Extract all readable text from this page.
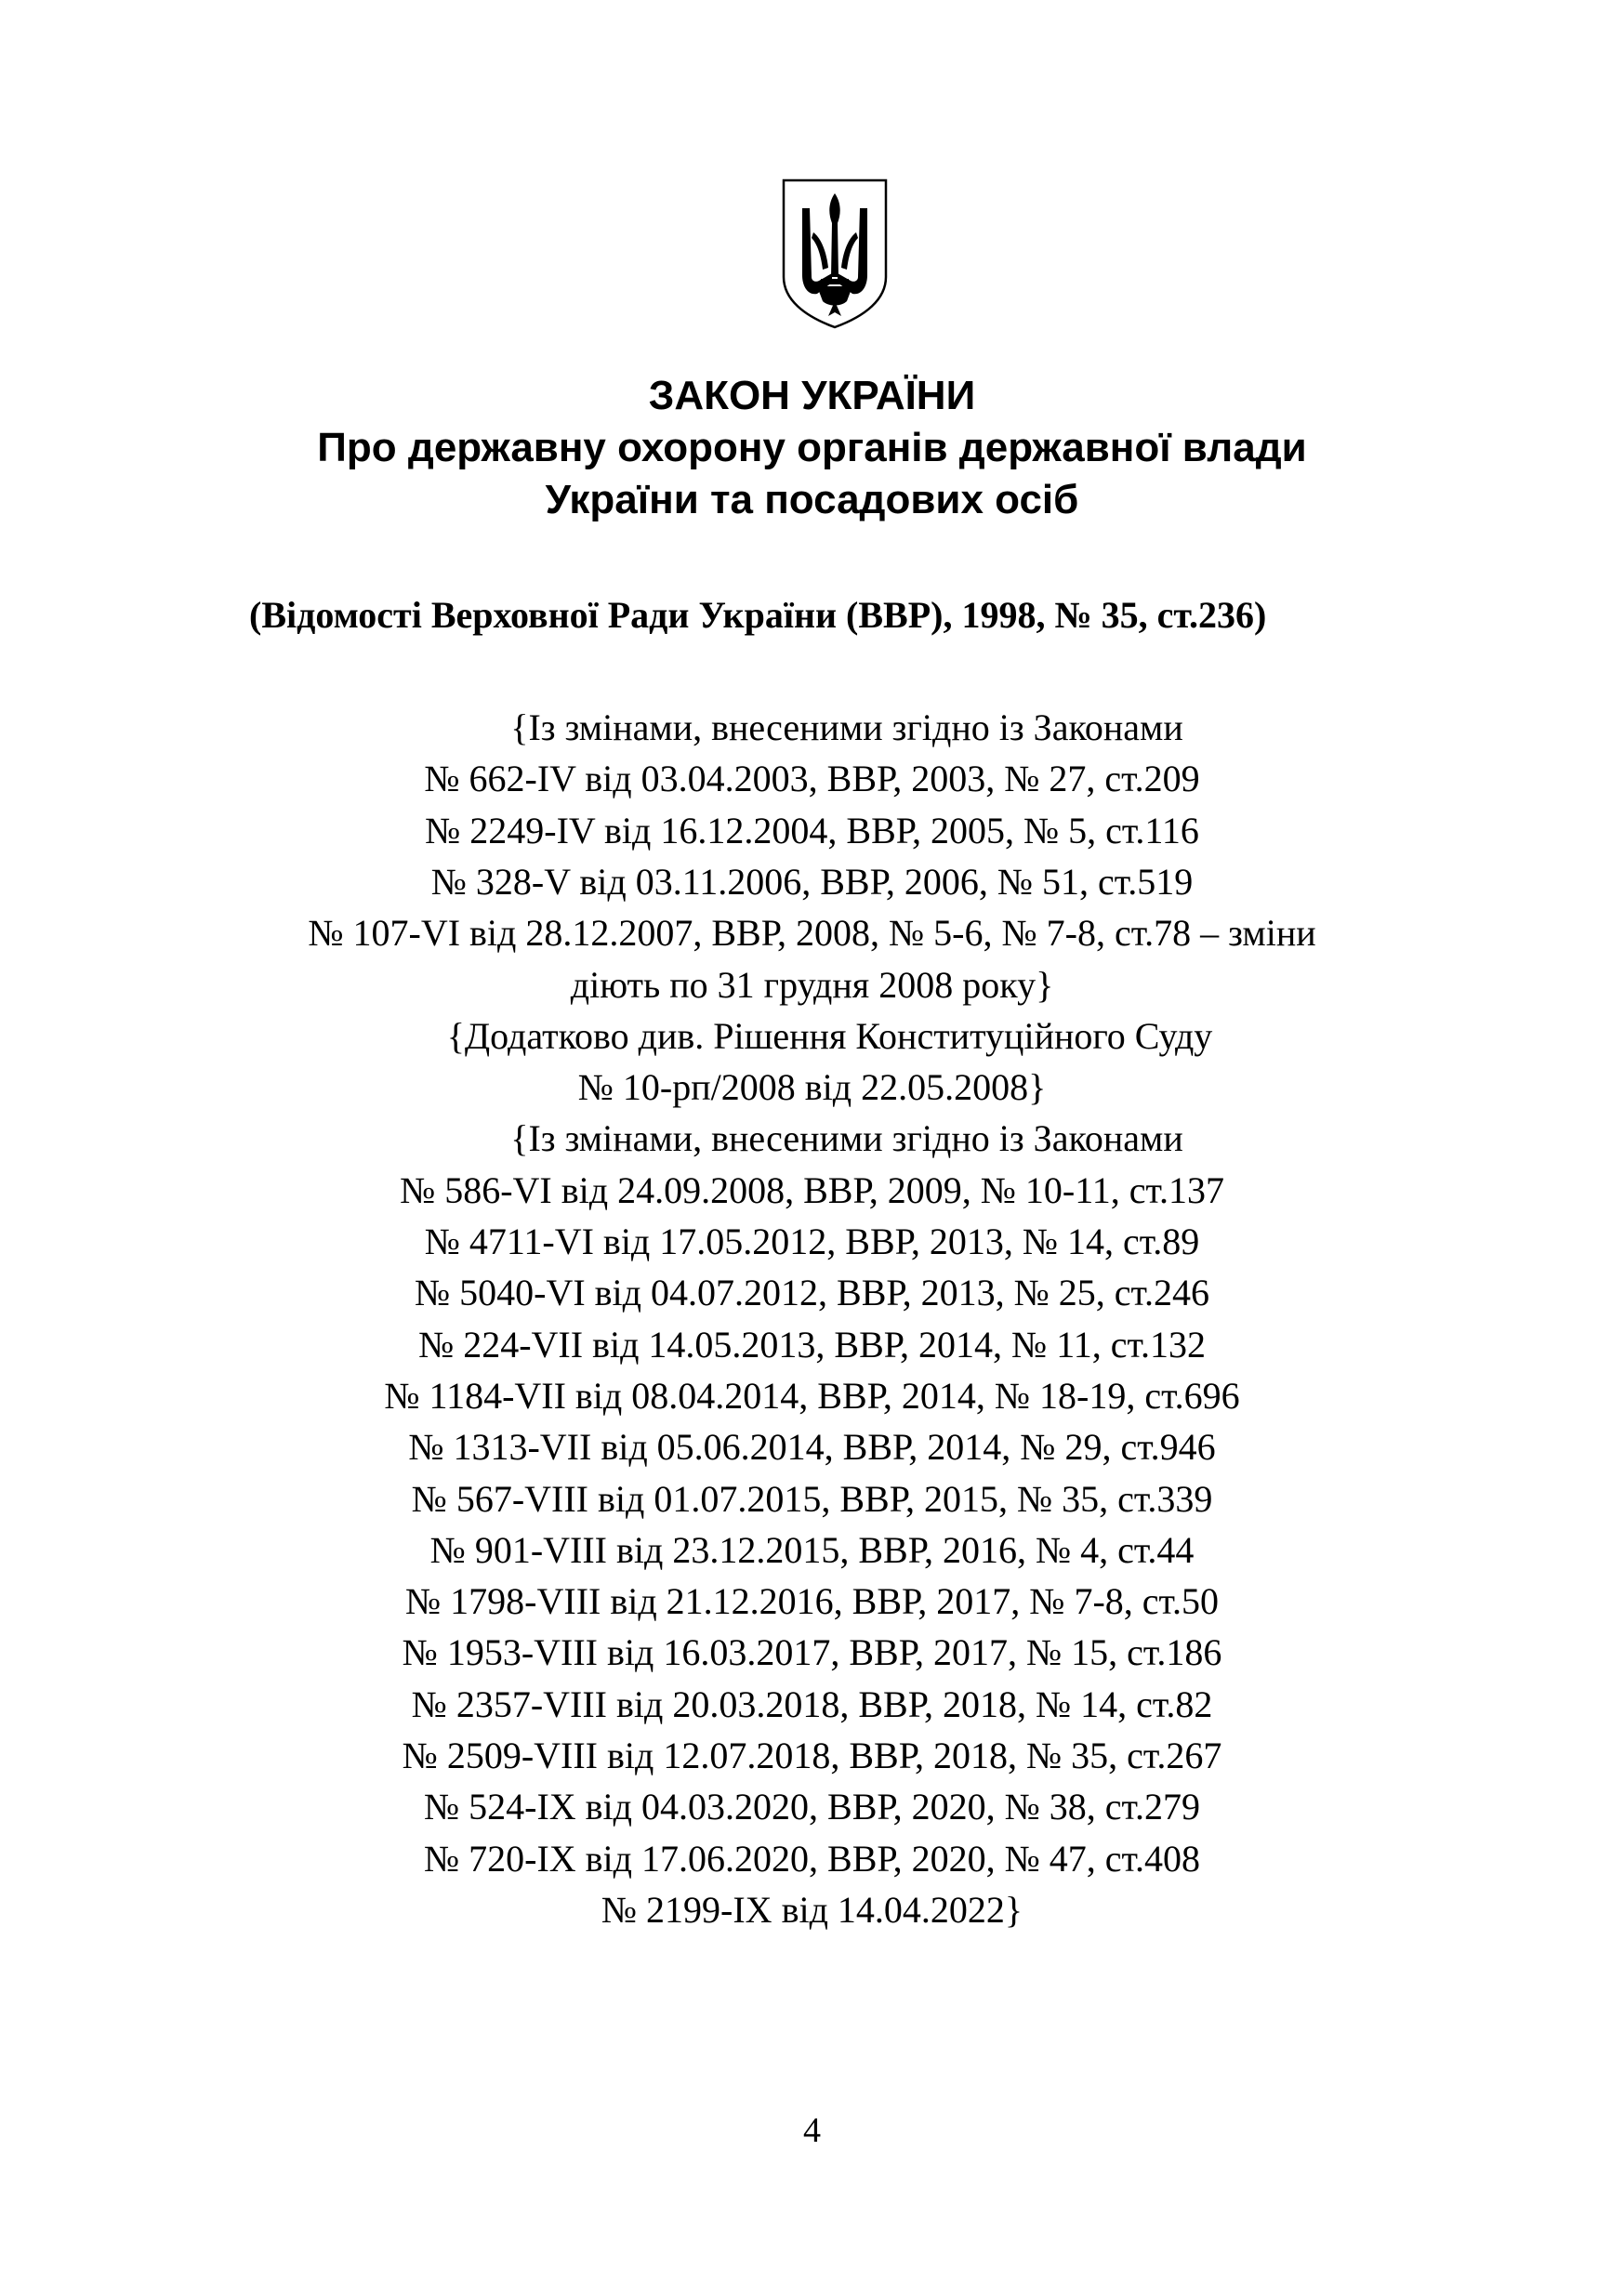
ЗАКОН УКРАЇНИ
Про державну охорону органів державної влади
України та посадових осіб
(Відомості Верховної Ради України (ВВР), 1998, № 35, ст.236)
{Із змінами, внесеними згідно із Законами
№ 662-IV від 03.04.2003, ВВР, 2003, № 27, ст.209
№ 2249-IV від 16.12.2004, ВВР, 2005, № 5, ст.116
№ 328-V від 03.11.2006, ВВР, 2006, № 51, ст.519
№ 107-VI від 28.12.2007, ВВР, 2008, № 5-6, № 7-8, ст.78 – зміни
діють по 31 грудня 2008 року}
{Додатково див. Рішення Конституційного Суду
№ 10-рп/2008 від 22.05.2008}
{Із змінами, внесеними згідно із Законами
№ 586-VI від 24.09.2008, ВВР, 2009, № 10-11, ст.137
№ 4711-VI від 17.05.2012, ВВР, 2013, № 14, ст.89
№ 5040-VI від 04.07.2012, ВВР, 2013, № 25, ст.246
№ 224-VII від 14.05.2013, ВВР, 2014, № 11, ст.132
№ 1184-VII від 08.04.2014, ВВР, 2014, № 18-19, ст.696
№ 1313-VII від 05.06.2014, ВВР, 2014, № 29, ст.946
№ 567-VIII від 01.07.2015, ВВР, 2015, № 35, ст.339
№ 901-VIII від 23.12.2015, ВВР, 2016, № 4, ст.44
№ 1798-VIII від 21.12.2016, ВВР, 2017, № 7-8, ст.50
№ 1953-VIII від 16.03.2017, ВВР, 2017, № 15, ст.186
№ 2357-VIII від 20.03.2018, ВВР, 2018, № 14, ст.82
№ 2509-VIII від 12.07.2018, ВВР, 2018, № 35, ст.267
№ 524-IX від 04.03.2020, ВВР, 2020, № 38, ст.279
№ 720-IX від 17.06.2020, ВВР, 2020, № 47, ст.408
№ 2199-IX від 14.04.2022}
4
